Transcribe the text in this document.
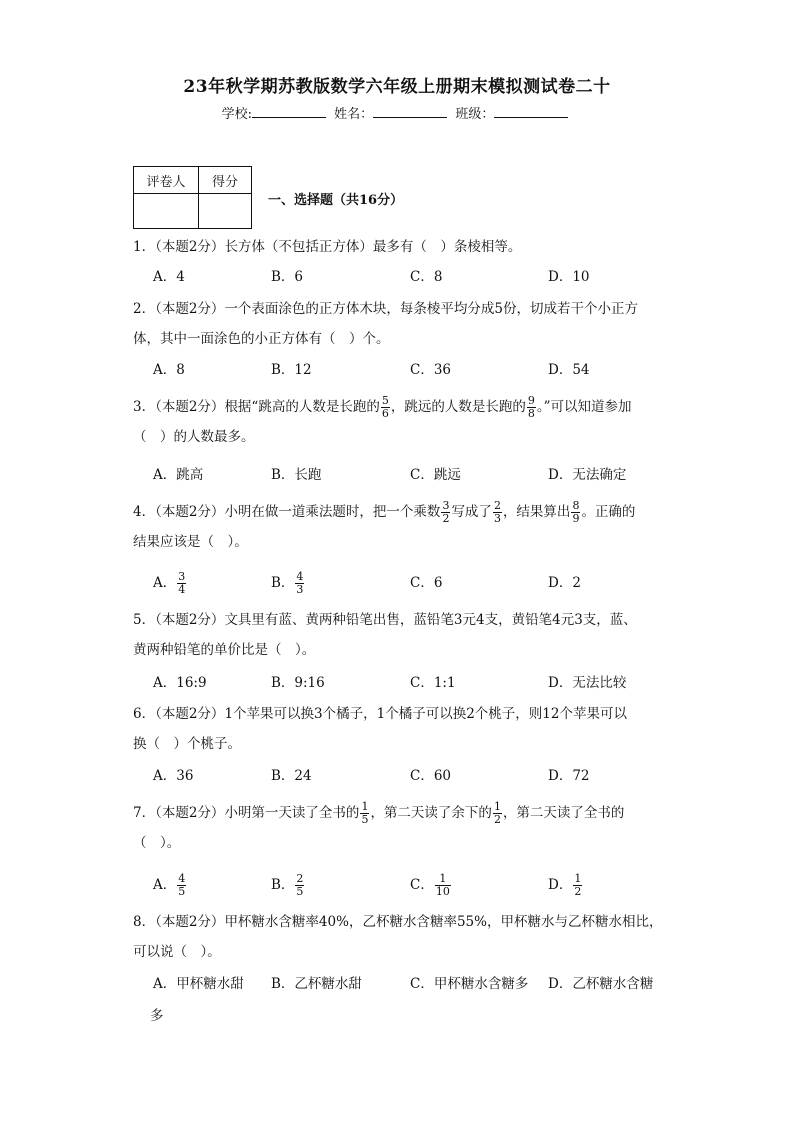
23年秋学期苏教版数学六年级上册期末模拟测试卷二十
学校:	姓名：	班级：
评卷人	得分

一、选择题（共16分）
1．（本题2分）长方体（不包括正方体）最多有（　）条棱相等。
A．4	B．6	C．8	D．10
2．（本题2分）一个表面涂色的正方体木块，每条棱平均分成5份，切成若干个小正方
体，其中一面涂色的小正方体有（　）个。
A．8	B．12	C．36	D．54
3．（本题2分）根据“跳高的人数是长跑的 $\frac{5}{6}$ ，跳远的人数是长跑的 $\frac{9}{8}$ 。”可以知道参加
（　）的人数最多。
A．跳高	B．长跑	C．跳远	D．无法确定
4．（本题2分）小明在做一道乘法题时，把一个乘数 $\frac{3}{2}$ 写成了 $\frac{2}{3}$ ，结果算出 $\frac{8}{9}$ 。正确的
结果应该是（　）。
A． $\frac{3}{4}$	B． $\frac{4}{3}$	C．6	D．2
5．（本题2分）文具里有蓝、黄两种铅笔出售，蓝铅笔3元4支，黄铅笔4元3支，蓝、
黄两种铅笔的单价比是（　）。
A．16:9	B．9:16	C．1:1	D．无法比较
6．（本题2分）1个苹果可以换3个橘子，1个橘子可以换2个桃子，则12个苹果可以
换（　）个桃子。
A．36	B．24	C．60	D．72
7．（本题2分）小明第一天读了全书的 $\frac{1}{5}$ ，第二天读了余下的 $\frac{1}{2}$ ，第二天读了全书的
（　）。
A． $\frac{4}{5}$	B． $\frac{2}{5}$	C． $\frac{1}{10}$	D． $\frac{1}{2}$
8．（本题2分）甲杯糖水含糖率40%，乙杯糖水含糖率55%，甲杯糖水与乙杯糖水相比，
可以说（　）。
A．甲杯糖水甜 B．乙杯糖水甜	C．甲杯糖水含糖多 D．乙杯糖水含糖
多
